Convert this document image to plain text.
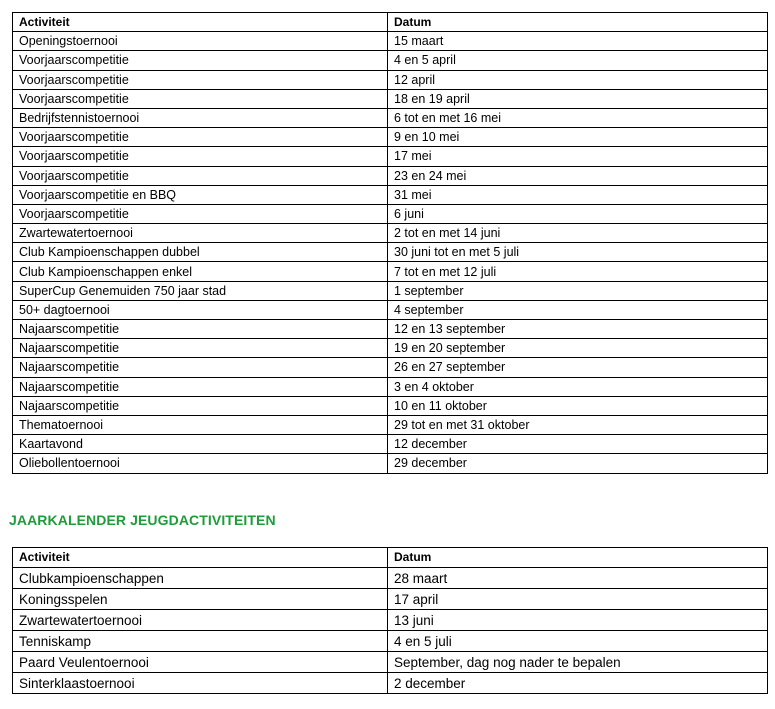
Activiteit	Datum
Openingstoernooi	15 maart
Voorjaarscompetitie	4 en 5 april
Voorjaarscompetitie	12 april
Voorjaarscompetitie	18 en 19 april
Bedrijfstennistoernooi	6 tot en met 16 mei
Voorjaarscompetitie	9 en 10 mei
Voorjaarscompetitie	17 mei
Voorjaarscompetitie	23 en 24 mei
Voorjaarscompetitie en BBQ	31 mei
Voorjaarscompetitie	6 juni
Zwartewatertoernooi	2 tot en met 14 juni
Club Kampioenschappen dubbel	30 juni tot en met 5 juli
Club Kampioenschappen enkel	7 tot en met 12 juli
SuperCup Genemuiden 750 jaar stad	1 september
50+ dagtoernooi	4 september
Najaarscompetitie	12 en 13 september
Najaarscompetitie	19 en 20 september
Najaarscompetitie	26 en 27 september
Najaarscompetitie	3 en 4 oktober
Najaarscompetitie	10 en 11 oktober
Thematoernooi	29 tot en met 31 oktober
Kaartavond	12 december
Oliebollentoernooi	29 december
JAARKALENDER JEUGDACTIVITEITEN
Activiteit	Datum
Clubkampioenschappen	28 maart
Koningsspelen	17 april
Zwartewatertoernooi	13 juni
Tenniskamp	4 en 5 juli
Paard Veulentoernooi	September, dag nog nader te bepalen
Sinterklaastoernooi	2 december
